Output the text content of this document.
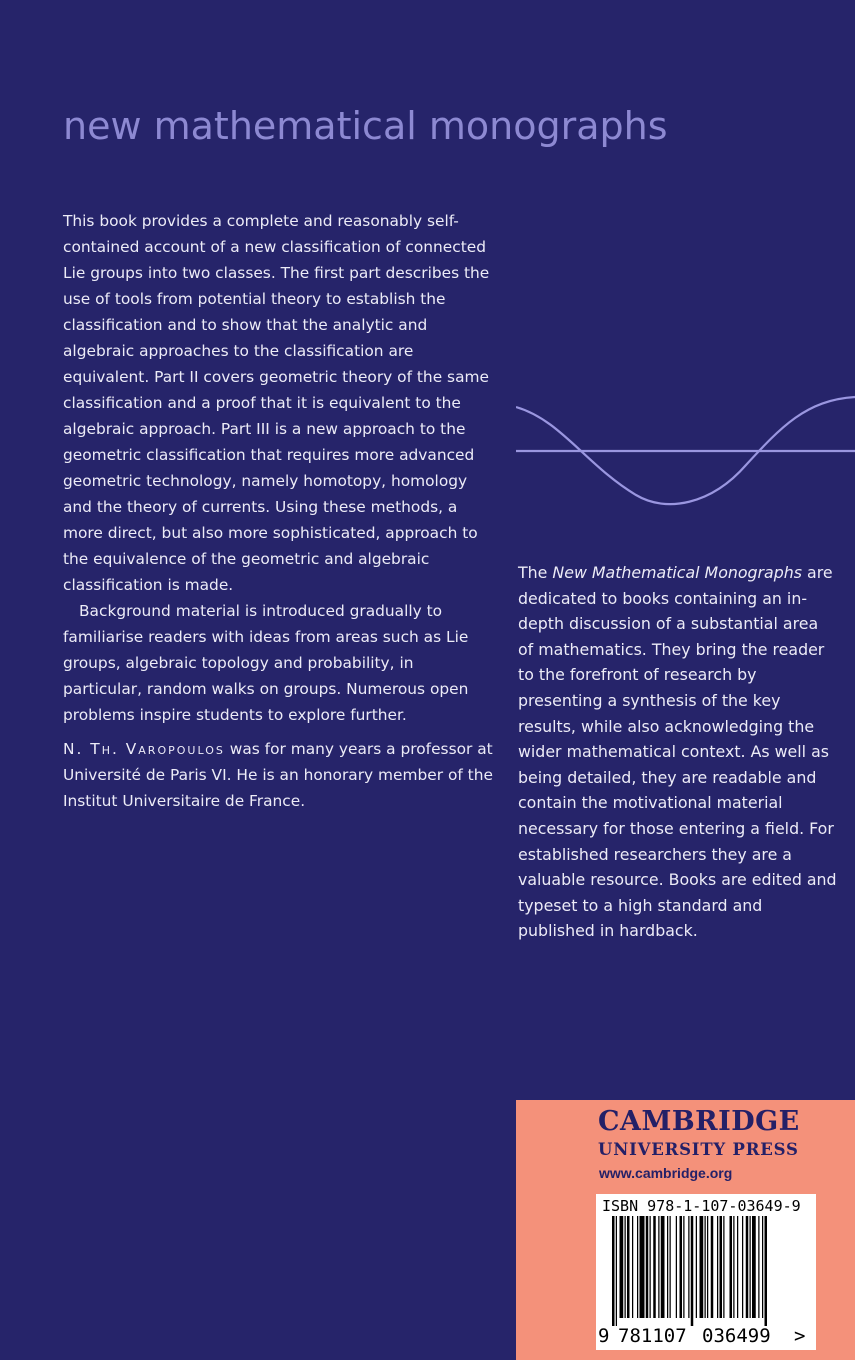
new mathematical monographs

This book provides a complete and reasonably self-contained account of a new classification of connected Lie groups into two classes. The first part describes the use of tools from potential theory to establish the classification and to show that the analytic and algebraic approaches to the classification are equivalent. Part II covers geometric theory of the same classification and a proof that it is equivalent to the algebraic approach. Part III is a new approach to the geometric classification that requires more advanced geometric technology, namely homotopy, homology and the theory of currents. Using these methods, a more direct, but also more sophisticated, approach to the equivalence of the geometric and algebraic classification is made.

Background material is introduced gradually to familiarise readers with ideas from areas such as Lie groups, algebraic topology and probability, in particular, random walks on groups. Numerous open problems inspire students to explore further.

N. Th. Varopoulos was for many years a professor at Université de Paris VI. He is an honorary member of the Institut Universitaire de France.
The New Mathematical Monographs are dedicated to books containing an in-depth discussion of a substantial area of mathematics. They bring the reader to the forefront of research by presenting a synthesis of the key results, while also acknowledging the wider mathematical context. As well as being detailed, they are readable and contain the motivational material necessary for those entering a field. For established researchers they are a valuable resource. Books are edited and typeset to a high standard and published in hardback.
CAMBRIDGE
UNIVERSITY PRESS
www.cambridge.org
ISBN 978-1-107-03649-9
9 781107 036499 >
